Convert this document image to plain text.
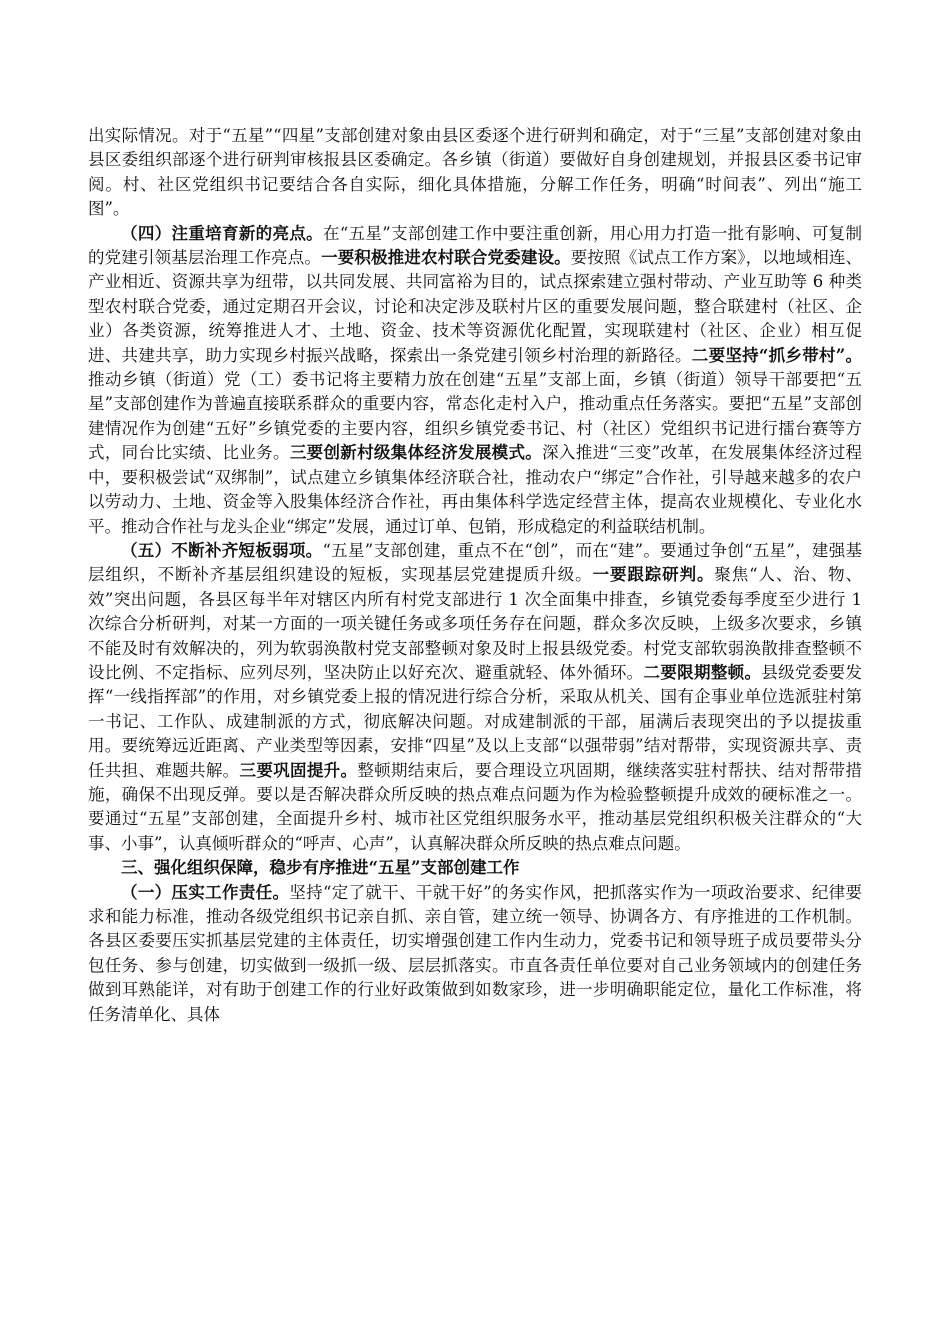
出实际情况。对于“五星”“四星”支部创建对象由县区委逐个进行研判和确定，对于“三星”支部创建对象由县区委组织部逐个进行研判审核报县区委确定。各乡镇（街道）要做好自身创建规划，并报县区委书记审阅。村、社区党组织书记要结合各自实际，细化具体措施，分解工作任务，明确“时间表”、列出“施工图”。

（四）注重培育新的亮点。在“五星”支部创建工作中要注重创新，用心用力打造一批有影响、可复制的党建引领基层治理工作亮点。一要积极推进农村联合党委建设。要按照《试点工作方案》，以地域相连、产业相近、资源共享为纽带，以共同发展、共同富裕为目的，试点探索建立强村带动、产业互助等 6 种类型农村联合党委，通过定期召开会议，讨论和决定涉及联村片区的重要发展问题，整合联建村（社区、企业）各类资源，统筹推进人才、土地、资金、技术等资源优化配置，实现联建村（社区、企业）相互促进、共建共享，助力实现乡村振兴战略，探索出一条党建引领乡村治理的新路径。二要坚持“抓乡带村”。推动乡镇（街道）党（工）委书记将主要精力放在创建“五星”支部上面，乡镇（街道）领导干部要把“五星”支部创建作为普遍直接联系群众的重要内容，常态化走村入户，推动重点任务落实。要把“五星”支部创建情况作为创建“五好”乡镇党委的主要内容，组织乡镇党委书记、村（社区）党组织书记进行擂台赛等方式，同台比实绩、比业务。三要创新村级集体经济发展模式。深入推进“三变”改革，在发展集体经济过程中，要积极尝试“双绑制”，试点建立乡镇集体经济联合社，推动农户“绑定”合作社，引导越来越多的农户以劳动力、土地、资金等入股集体经济合作社，再由集体科学选定经营主体，提高农业规模化、专业化水平。推动合作社与龙头企业“绑定”发展，通过订单、包销，形成稳定的利益联结机制。

（五）不断补齐短板弱项。“五星”支部创建，重点不在“创”，而在“建”。要通过争创“五星”，建强基层组织，不断补齐基层组织建设的短板，实现基层党建提质升级。一要跟踪研判。聚焦“人、治、物、效”突出问题，各县区每半年对辖区内所有村党支部进行 1 次全面集中排查，乡镇党委每季度至少进行 1 次综合分析研判，对某一方面的一项关键任务或多项任务存在问题，群众多次反映，上级多次要求，乡镇不能及时有效解决的，列为软弱涣散村党支部整顿对象及时上报县级党委。村党支部软弱涣散排查整顿不设比例、不定指标、应列尽列，坚决防止以好充次、避重就轻、体外循环。二要限期整顿。县级党委要发挥“一线指挥部”的作用，对乡镇党委上报的情况进行综合分析，采取从机关、国有企事业单位选派驻村第一书记、工作队、成建制派的方式，彻底解决问题。对成建制派的干部，届满后表现突出的予以提拔重用。要统筹远近距离、产业类型等因素，安排“四星”及以上支部“以强带弱”结对帮带，实现资源共享、责任共担、难题共解。三要巩固提升。整顿期结束后，要合理设立巩固期，继续落实驻村帮扶、结对帮带措施，确保不出现反弹。要以是否解决群众所反映的热点难点问题为作为检验整顿提升成效的硬标准之一。要通过“五星”支部创建，全面提升乡村、城市社区党组织服务水平，推动基层党组织积极关注群众的“大事、小事”，认真倾听群众的“呼声、心声”，认真解决群众所反映的热点难点问题。

三、强化组织保障，稳步有序推进“五星”支部创建工作

（一）压实工作责任。坚持“定了就干、干就干好”的务实作风，把抓落实作为一项政治要求、纪律要求和能力标准，推动各级党组织书记亲自抓、亲自管，建立统一领导、协调各方、有序推进的工作机制。各县区委要压实抓基层党建的主体责任，切实增强创建工作内生动力，党委书记和领导班子成员要带头分包任务、参与创建，切实做到一级抓一级、层层抓落实。市直各责任单位要对自己业务领域内的创建任务做到耳熟能详，对有助于创建工作的行业好政策做到如数家珍，进一步明确职能定位，量化工作标准，将任务清单化、具体
